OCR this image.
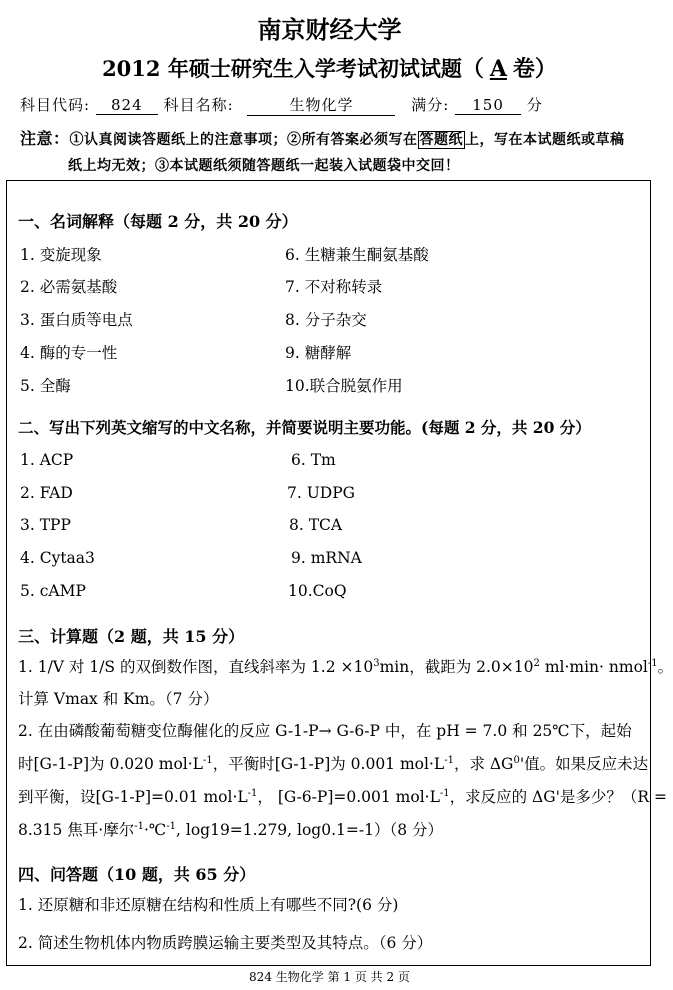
南京财经大学
2012 年硕士研究生入学考试初试试题（ A 卷）
科目代码: 824 科目名称:	生物化学	满分: 150 分
注意：①认真阅读答题纸上的注意事项；②所有答案必须写在 答题纸 上，写在本试题纸或草稿
纸上均无效；③本试题纸须随答题纸一起装入试题袋中交回！
一、名词解释（每题 2 分，共 20 分）
1. 变旋现象
2. 必需氨基酸
3. 蛋白质等电点
4. 酶的专一性
5. 全酶
6. 生糖兼生酮氨基酸
7. 不对称转录
8. 分子杂交
9. 糖酵解
10.联合脱氨作用
二、写出下列英文缩写的中文名称，并简要说明主要功能。(每题 2 分，共 20 分）
1. ACP
2. FAD
3. TPP
4. Cytaa3
5. cAMP
6. Tm
7. UDPG
8. TCA
9. mRNA
10.CoQ
三、计算题（2 题，共 15 分）
1. 1/V 对 1/S 的双倒数作图，直线斜率为 $1.2 \times 10^3\min$，截距为 $2.0\times 10^2$ ml·min· nmol$^{-1}$。
计算 Vmax 和 Km。（7 分）
2. 在由磷酸葡萄糖变位酶催化的反应 G-1-P→ G-6-P 中，在 pH = 7.0 和 25℃下，起始
时[G-1-P]为 0.020 $mol\cdot L^{-1}$，平衡时[G-1-P]为 0.001 $mol\cdot L^{-1}$，求 $\Delta G^0'$值。如果反应未达
到平衡，设[G-1-P]=0.01 $mol\cdot L^{-1}$， [G-6-P]=0.001 $mol\cdot L^{-1}$，求反应的 ΔG'是多少？（R =
8.315 焦耳·摩尔$^{-1}$·℃$^{-1}$, log19=1.279, log0.1=-1）（8 分）
四、问答题（10 题，共 65 分）
1. 还原糖和非还原糖在结构和性质上有哪些不同?(6 分)
2. 简述生物机体内物质跨膜运输主要类型及其特点。（6 分）
824 生物化学 第 1 页 共 2 页
